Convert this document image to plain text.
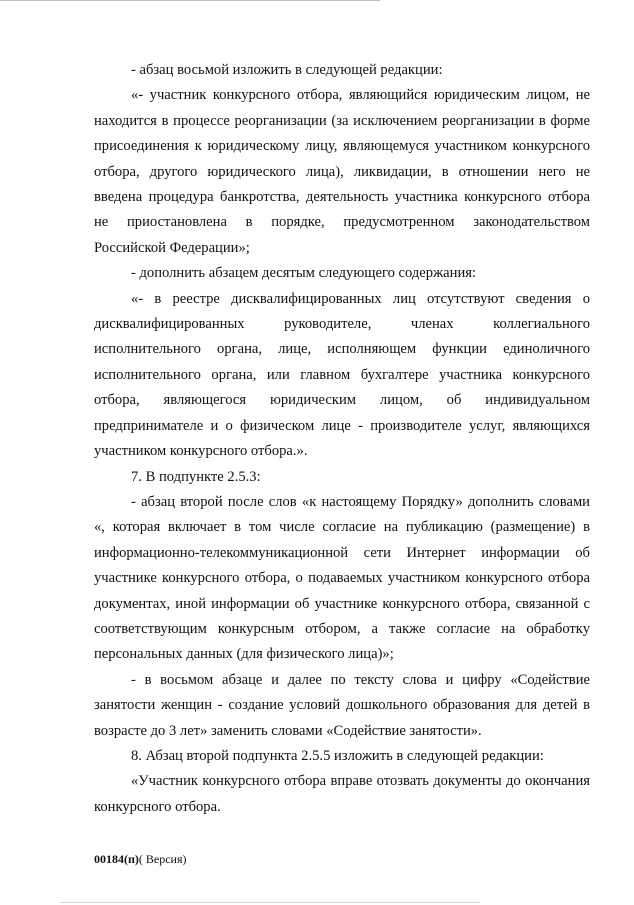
- абзац восьмой изложить в следующей редакции:

«- участник конкурсного отбора, являющийся юридическим лицом, не находится в процессе реорганизации (за исключением реорганизации в форме присоединения к юридическому лицу, являющемуся участником конкурсного отбора, другого юридического лица), ликвидации, в отношении него не введена процедура банкротства, деятельность участника конкурсного отбора не приостановлена в порядке, предусмотренном законодательством Российской Федерации»;

- дополнить абзацем десятым следующего содержания:

«- в реестре дисквалифицированных лиц отсутствуют сведения о дисквалифицированных руководителе, членах коллегиального исполнительного органа, лице, исполняющем функции единоличного исполнительного органа, или главном бухгалтере участника конкурсного отбора, являющегося юридическим лицом, об индивидуальном предпринимателе и о физическом лице - производителе услуг, являющихся участником конкурсного отбора.».

7. В подпункте 2.5.3:

- абзац второй после слов «к настоящему Порядку» дополнить словами «, которая включает в том числе согласие на публикацию (размещение) в информационно-телекоммуникационной сети Интернет информации об участнике конкурсного отбора, о подаваемых участником конкурсного отбора документах, иной информации об участнике конкурсного отбора, связанной с соответствующим конкурсным отбором, а также согласие на обработку персональных данных (для физического лица)»;

- в восьмом абзаце и далее по тексту слова и цифру «Содействие занятости женщин - создание условий дошкольного образования для детей в возрасте до 3 лет» заменить словами «Содействие занятости».

8. Абзац второй подпункта 2.5.5 изложить в следующей редакции:

«Участник конкурсного отбора вправе отозвать документы до окончания конкурсного отбора.

00184(п)( Версия)
